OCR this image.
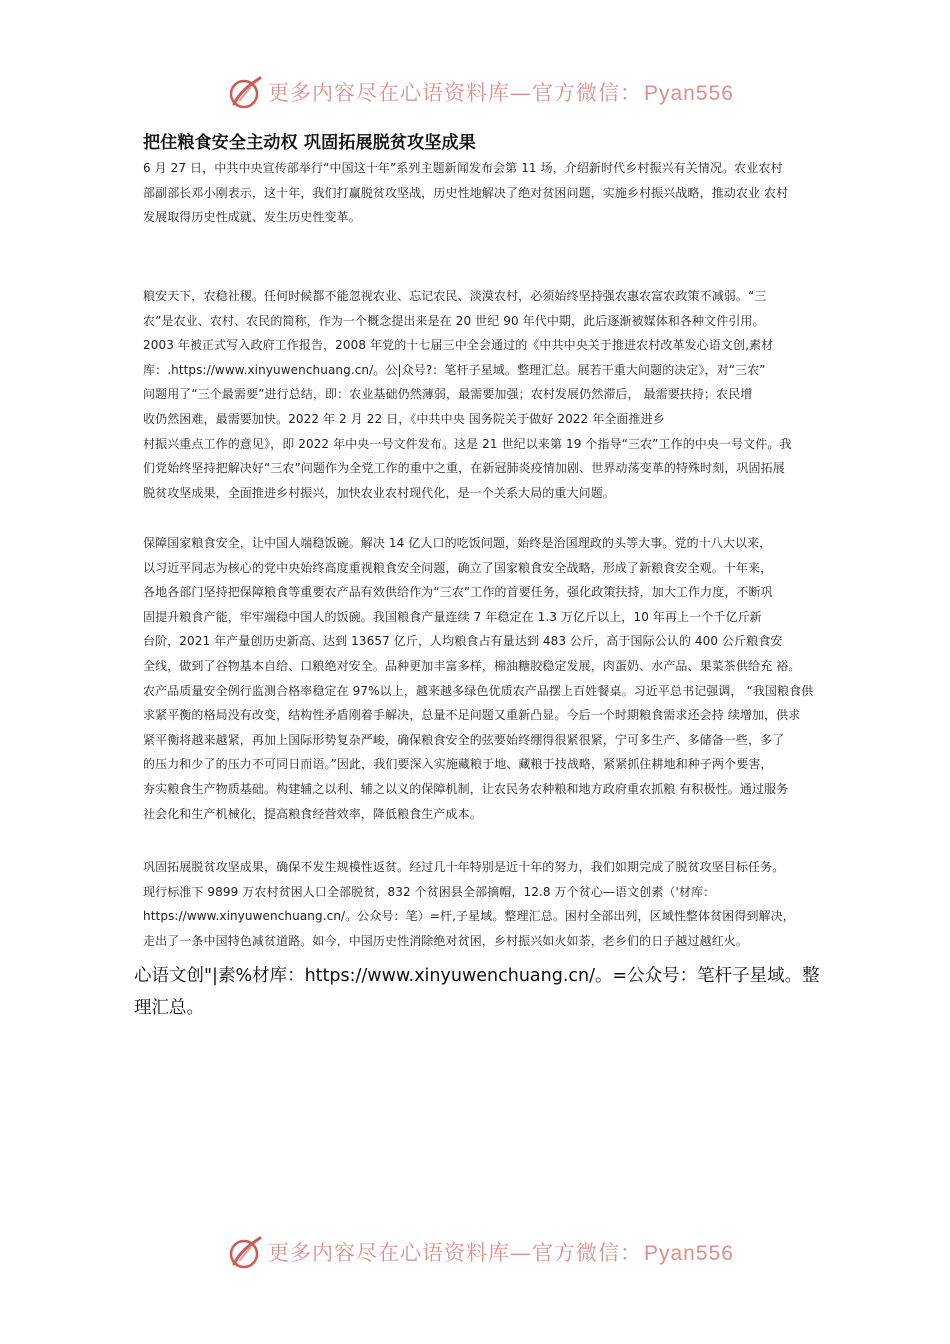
更多内容尽在心语资料库—官方微信：Pyan556
把住粮食安全主动权 巩固拓展脱贫攻坚成果
6 月 27 日，中共中央宣传部举行“中国这十年”系列主题新闻发布会第 11 场，介绍新时代乡村振兴有关情况。农业农村
部副部长邓小刚表示，这十年，我们打赢脱贫攻坚战，历史性地解决了绝对贫困问题，实施乡村振兴战略，推动农业 农村
发展取得历史性成就、发生历史性变革。
粮安天下，农稳社稷。任何时候都不能忽视农业、忘记农民、淡漠农村，必须始终坚持强农惠农富农政策不减弱。“三
农”是农业、农村、农民的简称，作为一个概念提出来是在 20 世纪 90 年代中期，此后逐渐被媒体和各种文件引用。
2003 年被正式写入政府工作报告，2008 年党的十七届三中全会通过的《中共中央关于推进农村改革发心语文创,素材
库：.https://www.xinyuwenchuang.cn/。公|众号?：笔杆子星域。整理汇总。展若干重大问题的决定》，对“三农”
问题用了“三个最需要”进行总结，即：农业基础仍然薄弱，最需要加强；农村发展仍然滞后， 最需要扶持；农民增
收仍然困难，最需要加快。2022 年 2 月 22 日，《中共中央 国务院关于做好 2022 年全面推进乡
村振兴重点工作的意见》，即 2022 年中央一号文件发布。这是 21 世纪以来第 19 个指导“三农”工作的中央一号文件。我
们党始终坚持把解决好“三农”问题作为全党工作的重中之重，在新冠肺炎疫情加剧、世界动荡变革的特殊时刻，巩固拓展
脱贫攻坚成果，全面推进乡村振兴，加快农业农村现代化，是一个关系大局的重大问题。
保障国家粮食安全，让中国人端稳饭碗。解决 14 亿人口的吃饭问题，始终是治国理政的头等大事。党的十八大以来，
以习近平同志为核心的党中央始终高度重视粮食安全问题，确立了国家粮食安全战略，形成了新粮食安全观。十年来，
各地各部门坚持把保障粮食等重要农产品有效供给作为“三农”工作的首要任务，强化政策扶持，加大工作力度，不断巩
固提升粮食产能，牢牢端稳中国人的饭碗。我国粮食产量连续 7 年稳定在 1.3 万亿斤以上，10 年再上一个千亿斤新
台阶，2021 年产量创历史新高、达到 13657 亿斤，人均粮食占有量达到 483 公斤，高于国际公认的 400 公斤粮食安
全线，做到了谷物基本自给、口粮绝对安全。品种更加丰富多样，棉油糖胶稳定发展，肉蛋奶、水产品、果菜茶供给充 裕。
农产品质量安全例行监测合格率稳定在 97%以上，越来越多绿色优质农产品摆上百姓餐桌。习近平总书记强调， “我国粮食供
求紧平衡的格局没有改变，结构性矛盾刚着手解决，总量不足问题又重新凸显。今后一个时期粮食需求还会持 续增加，供求
紧平衡将越来越紧，再加上国际形势复杂严峻，确保粮食安全的弦要始终绷得很紧很紧，宁可多生产、多储备一些，多了
的压力和少了的压力不可同日而语。”因此，我们要深入实施藏粮于地、藏粮于技战略，紧紧抓住耕地和种子两个要害，
夯实粮食生产物质基础。构建辅之以利、辅之以义的保障机制，让农民务农种粮和地方政府重农抓粮 有积极性。通过服务
社会化和生产机械化，提高粮食经营效率，降低粮食生产成本。
巩固拓展脱贫攻坚成果，确保不发生规模性返贫。经过几十年特别是近十年的努力，我们如期完成了脱贫攻坚目标任务。
现行标准下 9899 万农村贫困人口全部脱贫，832 个贫困县全部摘帽，12.8 万个贫心—语文创素（'材库：
https://www.xinyuwenchuang.cn/。公众号：笔）=杆,子星域。整理汇总。困村全部出列，区域性整体贫困得到解决，
走出了一条中国特色减贫道路。如今，中国历史性消除绝对贫困，乡村振兴如火如荼，老乡们的日子越过越红火。
心语文创"|素%材库：https://www.xinyuwenchuang.cn/。=公众号：笔杆子星域。整
理汇总。
更多内容尽在心语资料库—官方微信：Pyan556
